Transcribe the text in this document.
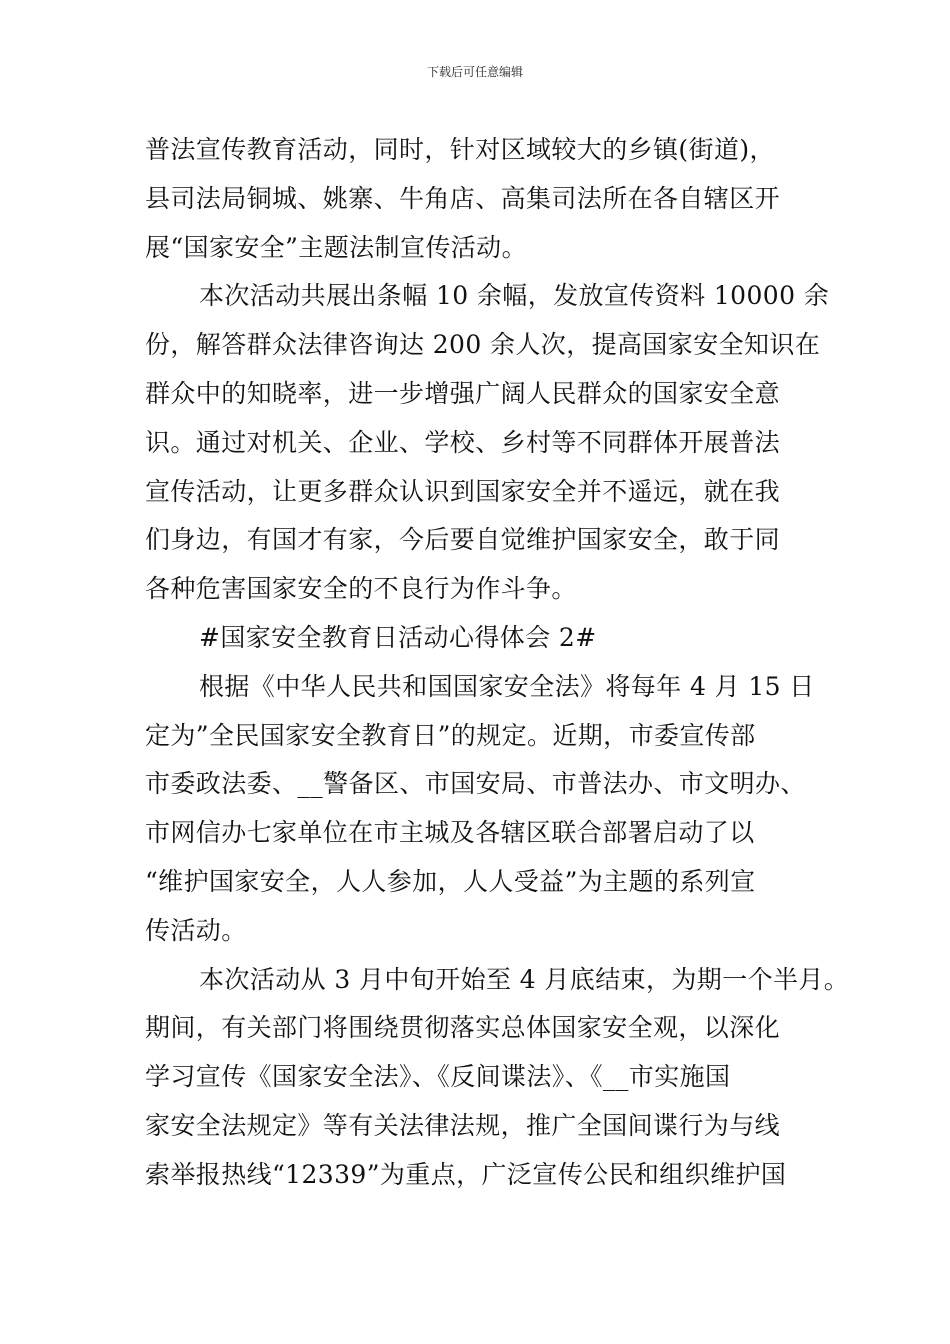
下载后可任意编辑
普法宣传教育活动，同时，针对区域较大的乡镇(街道)，
县司法局铜城、姚寨、牛角店、高集司法所在各自辖区开
展“国家安全”主题法制宣传活动。
本次活动共展出条幅 10 余幅，发放宣传资料 10000 余
份，解答群众法律咨询达 200 余人次，提高国家安全知识在
群众中的知晓率，进一步增强广阔人民群众的国家安全意
识。通过对机关、企业、学校、乡村等不同群体开展普法
宣传活动，让更多群众认识到国家安全并不遥远，就在我
们身边，有国才有家，今后要自觉维护国家安全，敢于同
各种危害国家安全的不良行为作斗争。
#国家安全教育日活动心得体会 2#
根据《中华人民共和国国家安全法》将每年 4 月 15 日
定为”全民国家安全教育日”的规定。近期，市委宣传部
市委政法委、__警备区、市国安局、市普法办、市文明办、
市网信办七家单位在市主城及各辖区联合部署启动了以
“维护国家安全，人人参加，人人受益”为主题的系列宣
传活动。
本次活动从 3 月中旬开始至 4 月底结束，为期一个半月。
期间，有关部门将围绕贯彻落实总体国家安全观，以深化
学习宣传《国家安全法》、《反间谍法》、《__市实施国
家安全法规定》等有关法律法规，推广全国间谍行为与线
索举报热线“12339”为重点，广泛宣传公民和组织维护国
